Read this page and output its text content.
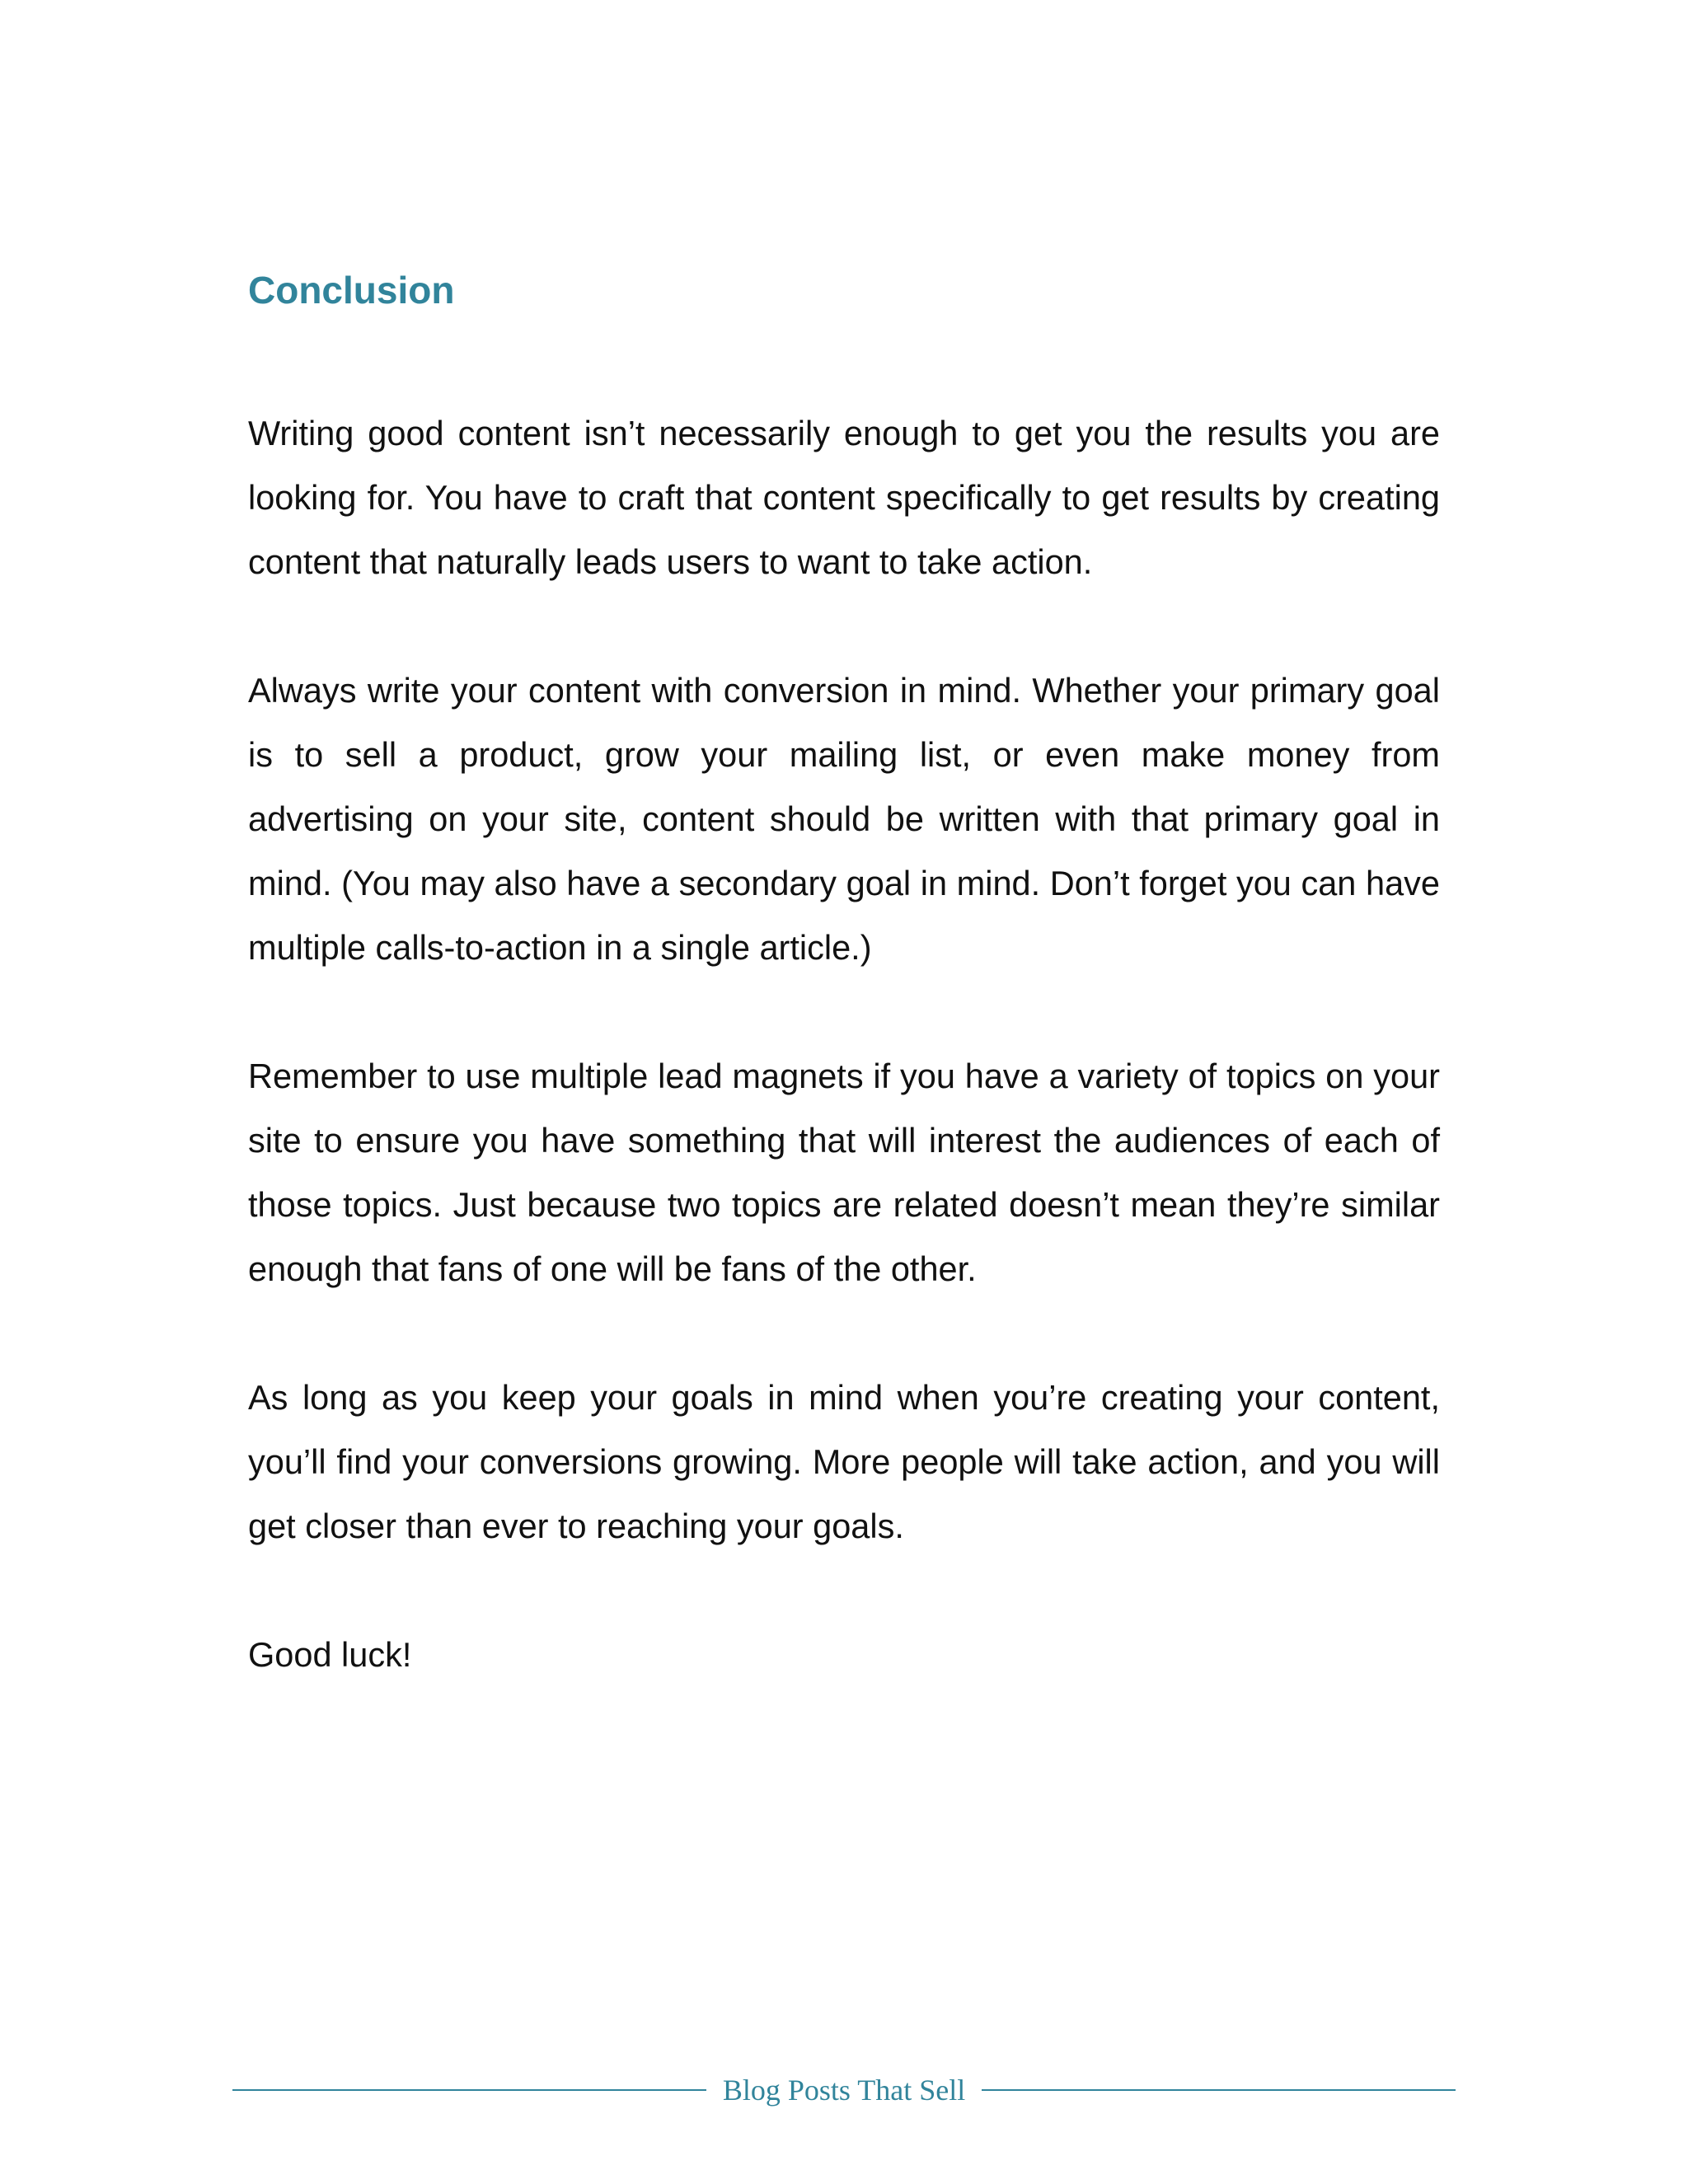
Conclusion

Writing good content isn’t necessarily enough to get you the results you are looking for. You have to craft that content specifically to get results by creating content that naturally leads users to want to take action.

Always write your content with conversion in mind. Whether your primary goal is to sell a product, grow your mailing list, or even make money from advertising on your site, content should be written with that primary goal in mind. (You may also have a secondary goal in mind. Don’t forget you can have multiple calls-to-action in a single article.)

Remember to use multiple lead magnets if you have a variety of topics on your site to ensure you have something that will interest the audiences of each of those topics. Just because two topics are related doesn’t mean they’re similar enough that fans of one will be fans of the other.

As long as you keep your goals in mind when you’re creating your content, you’ll find your conversions growing. More people will take action, and you will get closer than ever to reaching your goals.

Good luck!

Blog Posts That Sell
